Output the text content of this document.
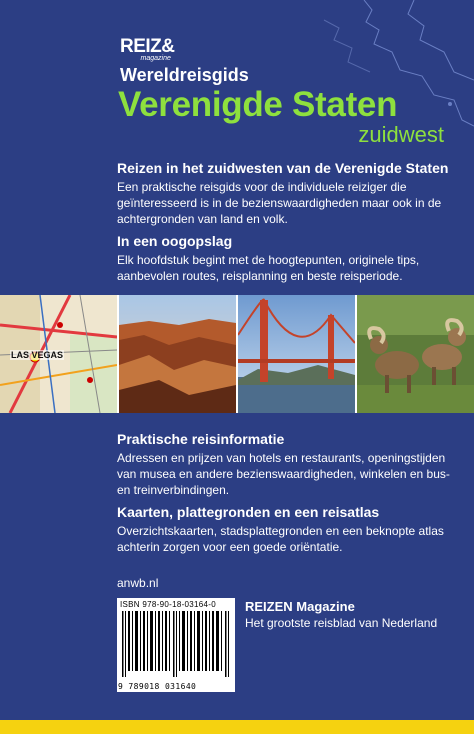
REIZ&
magazine
Wereldreisgids
Verenigde Staten
zuidwest
Reizen in het zuidwesten van de Verenigde Staten

Een praktische reisgids voor de individuele reiziger die geïnteresseerd is in de bezienswaardigheden maar ook in de achtergronden van land en volk.

In een oogopslag

Elk hoofdstuk begint met de hoogtepunten, originele tips, aanbevolen routes, reisplanning en beste reisperiode.

LAS VEGAS
Praktische reisinformatie

Adressen en prijzen van hotels en restaurants, openingstijden van musea en andere bezienswaardigheden, winkelen en bus- en treinverbindingen.

Kaarten, plattegronden en een reisatlas

Overzichtskaarten, stadsplattegronden en een beknopte atlas achterin zorgen voor een goede oriëntatie.

anwb.nl
ISBN 978-90-18-03164-0
9 789018 031640
REIZEN Magazine
Het grootste reisblad van Nederland
